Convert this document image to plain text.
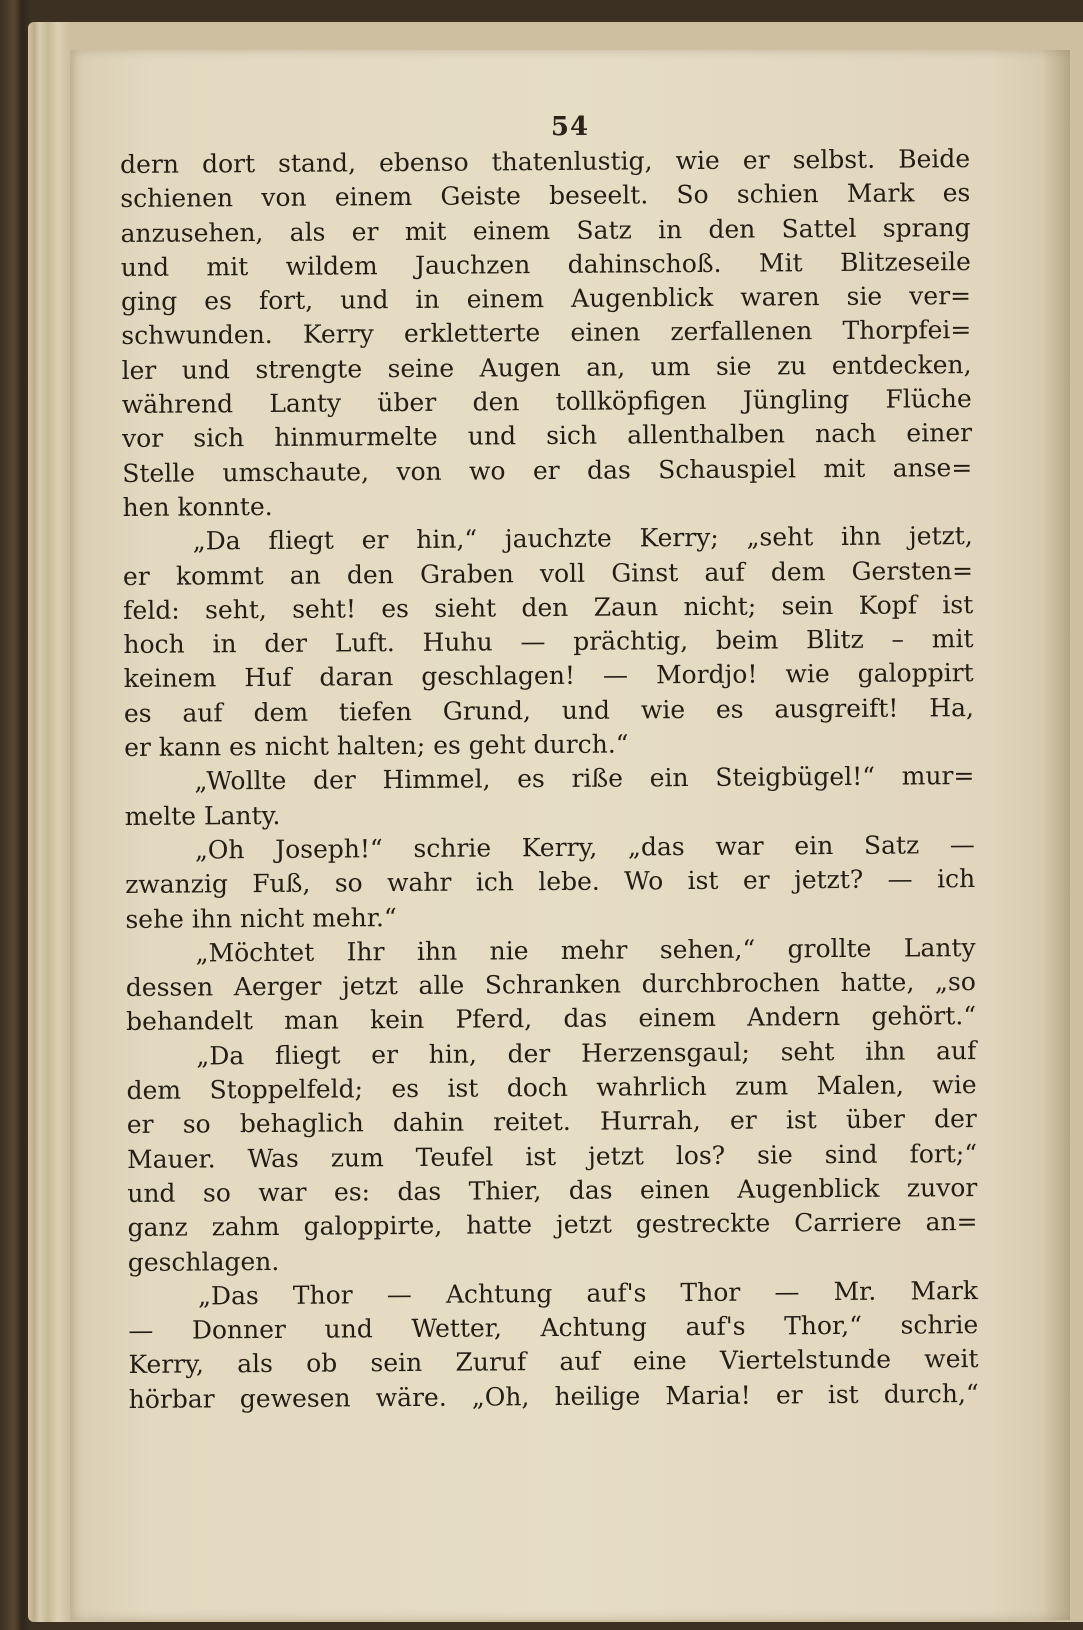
54
dern dort stand, ebenso thatenlustig, wie er selbst. Beide
schienen von einem Geiste beseelt. So schien Mark es
anzusehen, als er mit einem Satz in den Sattel sprang
und mit wildem Jauchzen dahinschoß. Mit Blitzeseile
ging es fort, und in einem Augenblick waren sie ver=
schwunden. Kerry erkletterte einen zerfallenen Thorpfei=
ler und strengte seine Augen an, um sie zu entdecken,
während Lanty über den tollköpfigen Jüngling Flüche
vor sich hinmurmelte und sich allenthalben nach einer
Stelle umschaute, von wo er das Schauspiel mit anse=
hen konnte.
„Da fliegt er hin,“ jauchzte Kerry; „seht ihn jetzt,
er kommt an den Graben voll Ginst auf dem Gersten=
feld: seht, seht! es sieht den Zaun nicht; sein Kopf ist
hoch in der Luft. Huhu — prächtig, beim Blitz – mit
keinem Huf daran geschlagen! — Mordjo! wie galoppirt
es auf dem tiefen Grund, und wie es ausgreift! Ha,
er kann es nicht halten; es geht durch.“
„Wollte der Himmel, es riße ein Steigbügel!“ mur=
melte Lanty.
„Oh Joseph!“ schrie Kerry, „das war ein Satz —
zwanzig Fuß, so wahr ich lebe. Wo ist er jetzt? — ich
sehe ihn nicht mehr.“
„Möchtet Ihr ihn nie mehr sehen,“ grollte Lanty
dessen Aerger jetzt alle Schranken durchbrochen hatte, „so
behandelt man kein Pferd, das einem Andern gehört.“
„Da fliegt er hin, der Herzensgaul; seht ihn auf
dem Stoppelfeld; es ist doch wahrlich zum Malen, wie
er so behaglich dahin reitet. Hurrah, er ist über der
Mauer. Was zum Teufel ist jetzt los? sie sind fort;“
und so war es: das Thier, das einen Augenblick zuvor
ganz zahm galoppirte, hatte jetzt gestreckte Carriere an=
geschlagen.
„Das Thor — Achtung auf's Thor — Mr. Mark
— Donner und Wetter, Achtung auf's Thor,“ schrie
Kerry, als ob sein Zuruf auf eine Viertelstunde weit
hörbar gewesen wäre. „Oh, heilige Maria! er ist durch,“
